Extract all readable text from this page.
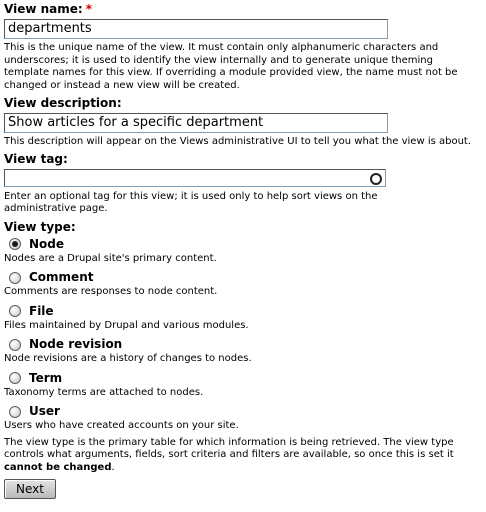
View name: *
departments

This is the unique name of the view. It must contain only alphanumeric characters and underscores; it is used to identify the view internally and to generate unique theming template names for this view. If overriding a module provided view, the name must not be changed or instead a new view will be created.

View description:
Show articles for a specific department

This description will appear on the Views administrative UI to tell you what the view is about.

View tag:

Enter an optional tag for this view; it is used only to help sort views on the administrative page.

View type:
Node

Nodes are a Drupal site's primary content.

Comment

Comments are responses to node content.

File

Files maintained by Drupal and various modules.

Node revision

Node revisions are a history of changes to nodes.

Term

Taxonomy terms are attached to nodes.

User

Users who have created accounts on your site.

The view type is the primary table for which information is being retrieved. The view type controls what arguments, fields, sort criteria and filters are available, so once this is set it cannot be changed.

Next
